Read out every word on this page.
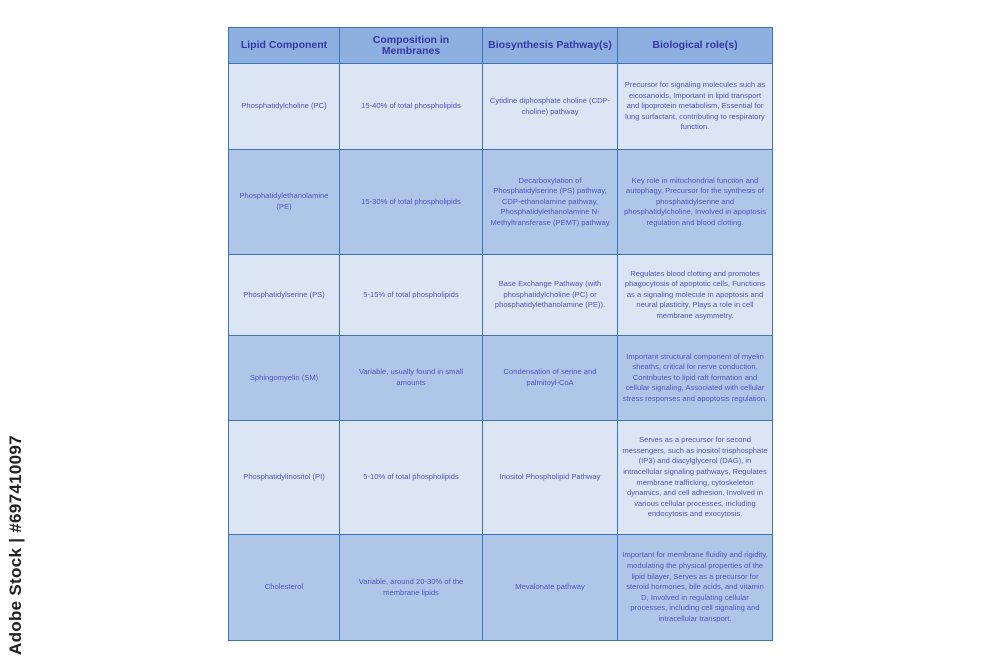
Lipid Component	Composition in Membranes	Biosynthesis Pathway(s)	Biological role(s)
Phosphatidylcholine (PC)	15-40% of total phospholipids	Cytidine diphosphate choline (CDP-choline) pathway	Precursor for signaling molecules such as eicosanoids, Important in lipid transport and lipoprotein metabolism, Essential for lung surfactant, contributing to respiratory function.
Phosphatidylethanolamine (PE)	15-30% of total phospholipids	Decarboxylation of Phosphatidylserine (PS) pathway, CDP-ethanolamine pathway, Phosphatidylethanolamine N-Methyltransferase (PEMT) pathway	Key role in mitochondrial function and autophagy, Precursor for the synthesis of phosphatidylserine and phosphatidylcholine, Involved in apoptosis regulation and blood clotting.
Phosphatidylserine (PS)	5-15% of total phospholipids	Base Exchange Pathway (with phosphatidylcholine (PC) or phosphatidylethanolamine (PE)).	Regulates blood clotting and promotes phagocytosis of apoptotic cells, Functions as a signaling molecule in apoptosis and neural plasticity, Plays a role in cell membrane asymmetry.
Sphingomyelin (SM)	Variable, usually found in small amounts	Condensation of serine and palmitoyl-CoA	Important structural component of myelin sheaths, critical for nerve conduction, Contributes to lipid raft formation and cellular signaling, Associated with cellular stress responses and apoptosis regulation.
Phosphatidylinositol (PI)	5-10% of total phospholipids	Inositol Phospholipid Pathway	Serves as a precursor for second messengers, such as inositol trisphosphate (IP3) and diacylglycerol (DAG), in intracellular signaling pathways, Regulates membrane trafficking, cytoskeleton dynamics, and cell adhesion, Involved in various cellular processes, including endocytosis and exocytosis.
Cholesterol	Variable, around 20-30% of the membrane lipids	Mevalonate pathway	Important for membrane fluidity and rigidity, modulating the physical properties of the lipid bilayer, Serves as a precursor for steroid hormones, bile acids, and vitamin D, Involved in regulating cellular processes, including cell signaling and intracellular transport.
Adobe Stock | #697410097
